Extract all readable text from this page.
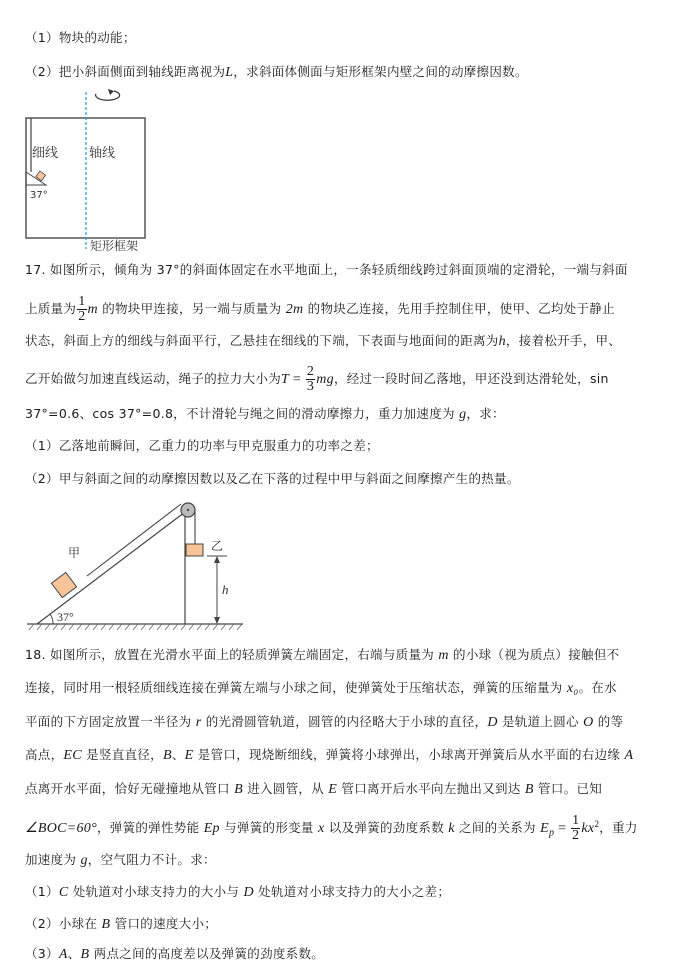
（1）物块的动能；
（2）把小斜面侧面到轴线距离视为L，求斜面体侧面与矩形框架内壁之间的动摩擦因数。
细线 轴线
37°
矩形框架
17. 如图所示，倾角为 37°的斜面体固定在水平地面上，一条轻质细线跨过斜面顶端的定滑轮，一端与斜面
上质量为 $\frac{1}{2}$ m 的物块甲连接，另一端与质量为 2m 的物块乙连接，先用手控制住甲，使甲、乙均处于静止
状态，斜面上方的细线与斜面平行，乙悬挂在细线的下端，下表面与地面间的距离为h，接着松开手，甲、
乙开始做匀加速直线运动，绳子的拉力大小为$T = \frac{2}{3}$ mg，经过一段时间乙落地，甲还没到达滑轮处，sin
37°=0.6、cos 37°=0.8，不计滑轮与绳之间的滑动摩擦力，重力加速度为 g，求：
（1）乙落地前瞬间，乙重力的功率与甲克服重力的功率之差；
（2）甲与斜面之间的动摩擦因数以及乙在下落的过程中甲与斜面之间摩擦产生的热量。
甲	乙
h
37°
18. 如图所示，放置在光滑水平面上的轻质弹簧左端固定，右端与质量为 m 的小球（视为质点）接触但不
连接，同时用一根轻质细线连接在弹簧左端与小球之间，使弹簧处于压缩状态，弹簧的压缩量为 x₀。在水
平面的下方固定放置一半径为 r 的光滑圆管轨道，圆管的内径略大于小球的直径，D 是轨道上圆心 O 的等
高点，EC 是竖直直径，B、E 是管口，现烧断细线，弹簧将小球弹出，小球离开弹簧后从水平面的右边缘 A
点离开水平面，恰好无碰撞地从管口 B 进入圆管，从 E 管口离开后水平向左抛出又到达 B 管口。已知
∠BOC=60°，弹簧的弹性势能 Ep 与弹簧的形变量 x 以及弹簧的劲度系数 k 之间的关系为 $E_p = \frac{1}{2} kx^2$，重力
加速度为 g，空气阻力不计。求：
（1）C 处轨道对小球支持力的大小与 D 处轨道对小球支持力的大小之差；
（2）小球在 B 管口的速度大小；
（3）A、B 两点之间的高度差以及弹簧的劲度系数。
